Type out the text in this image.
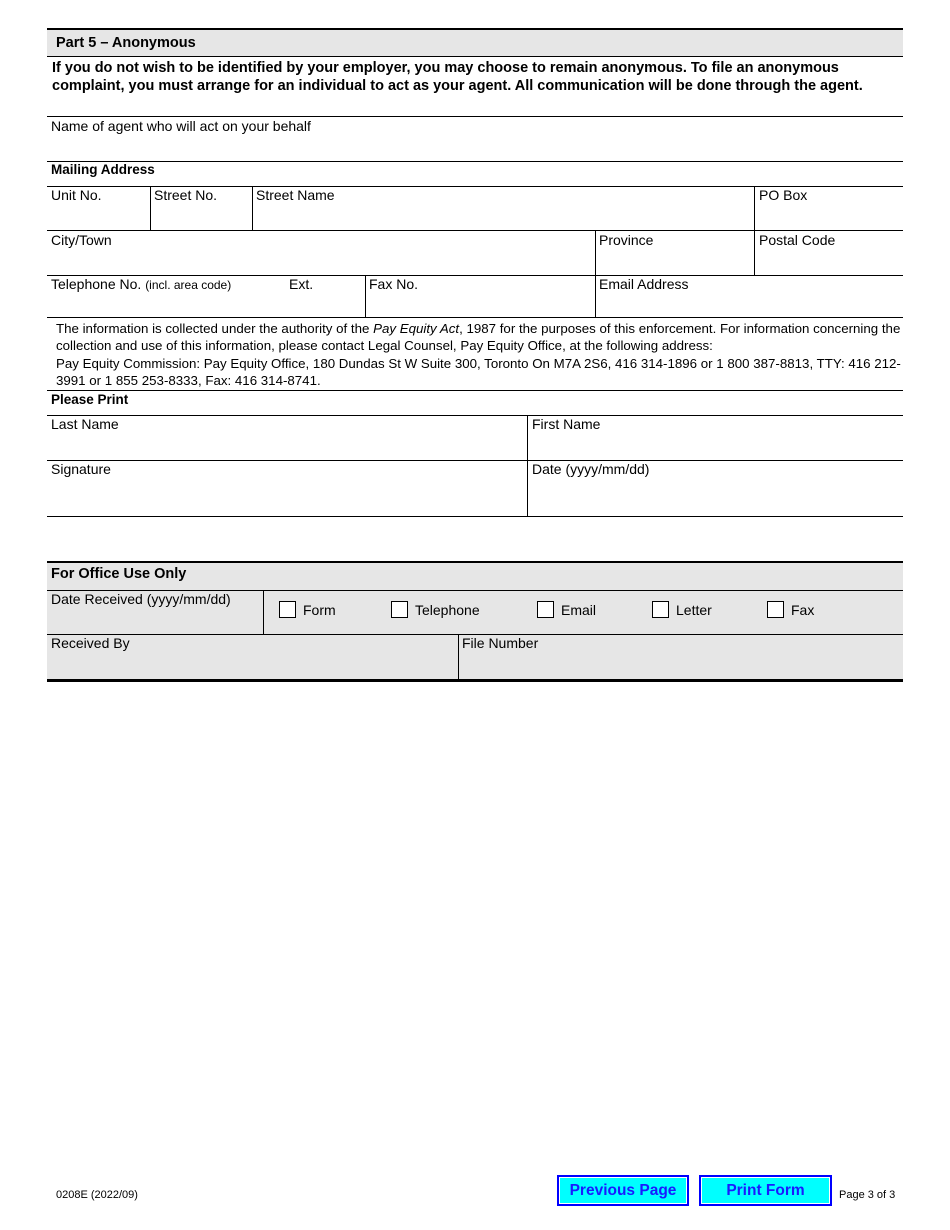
Part 5 – Anonymous
If you do not wish to be identified by your employer, you may choose to remain anonymous. To file an anonymous complaint, you must arrange for an individual to act as your agent. All communication will be done through the agent.
Name of agent who will act on your behalf
Mailing Address
Unit No.	Street No.	Street Name	PO Box
City/Town	Province	Postal Code
Telephone No. (incl. area code)	Ext.	Fax No.	Email Address

The information is collected under the authority of the Pay Equity Act, 1987 for the purposes of this enforcement. For information concerning the collection and use of this information, please contact Legal Counsel, Pay Equity Office, at the following address:

Pay Equity Commission: Pay Equity Office, 180 Dundas St W Suite 300, Toronto On M7A 2S6, 416 314-1896 or 1 800 387-8813, TTY: 416 212-3991 or 1 855 253-8333, Fax: 416 314-8741.

Please Print
Last Name	First Name
Signature	Date (yyyy/mm/dd)
For Office Use Only
Date Received (yyyy/mm/dd)
Form	Telephone	Email	Letter	Fax
Received By	File Number
0208E (2022/09)	Previous Page	Print Form	Page 3 of 3
